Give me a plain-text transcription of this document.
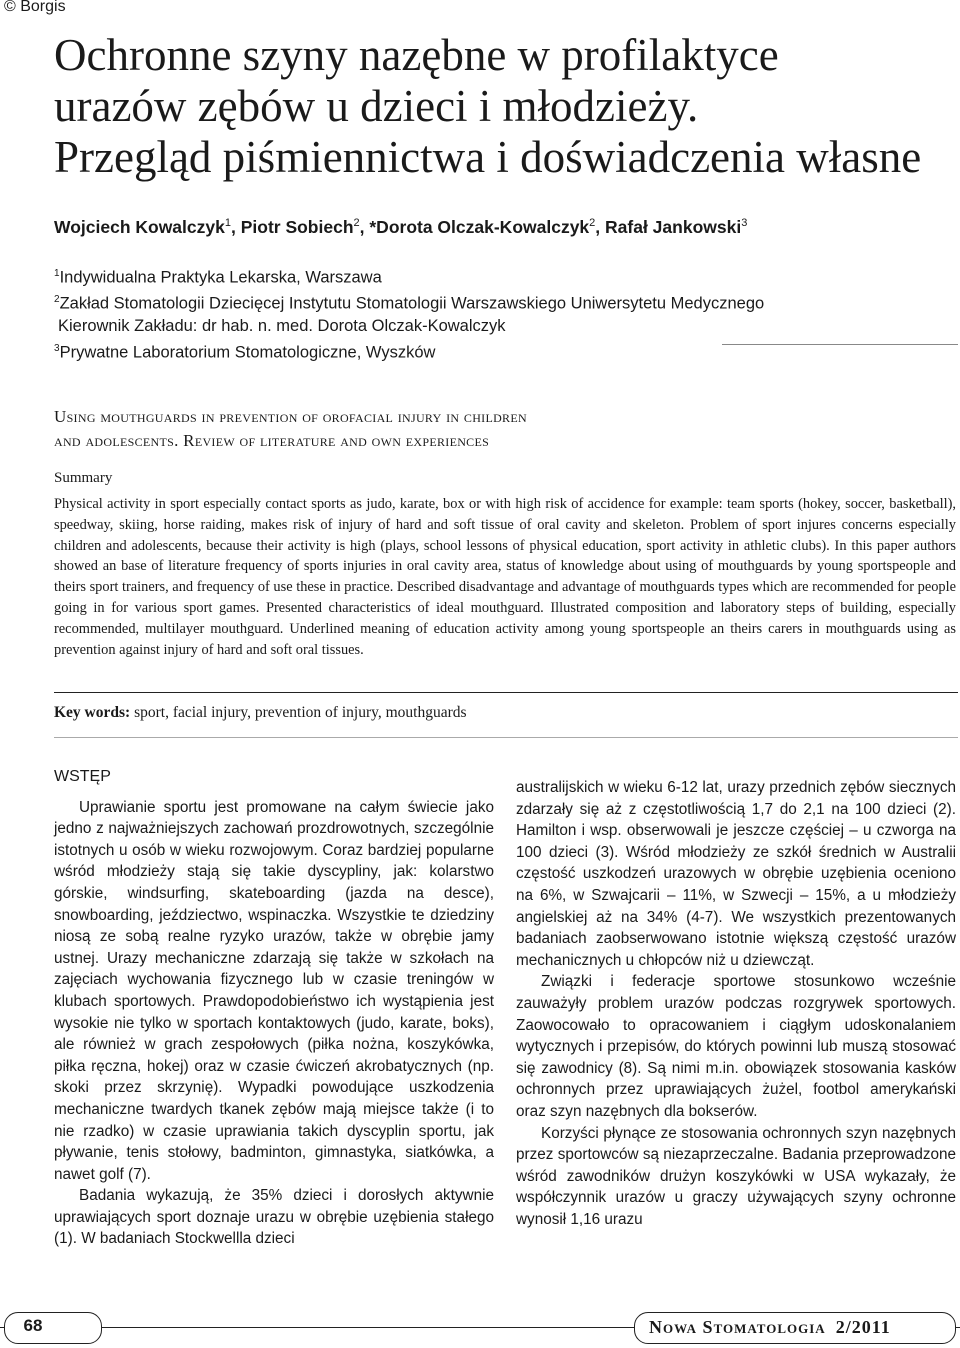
© Borgis
Ochronne szyny nazębne w profilaktyce
urazów zębów u dzieci i młodzieży.
Przegląd piśmiennictwa i doświadczenia własne
Wojciech Kowalczyk$^1$, Piotr Sobiech$^2$, *Dorota Olczak-Kowalczyk$^2$, Rafał Jankowski$^3$
$^1$Indywidualna Praktyka Lekarska, Warszawa
$^2$Zakład Stomatologii Dziecięcej Instytutu Stomatologii Warszawskiego Uniwersytetu Medycznego
Kierownik Zakładu: dr hab. n. med. Dorota Olczak-Kowalczyk
$^3$Prywatne Laboratorium Stomatologiczne, Wyszków
Using mouthguards in prevention of orofacial injury in children
and adolescents. Review of literature and own experiences
Summary

Physical activity in sport especially contact sports as judo, karate, box or with high risk of accidence for example: team sports (hokey, soccer, basketball), speedway, skiing, horse raiding, makes risk of injury of hard and soft tissue of oral cavity and skeleton. Problem of sport injures concerns especially children and adolescents, because their activity is high (plays, school lessons of physical education, sport activity in athletic clubs). In this paper authors showed an base of literature frequency of sports injuries in oral cavity area, status of knowledge about using of mouthguards by young sportspeople and theirs sport trainers, and frequency of use these in practice. Described disadvantage and advantage of mouthguards types which are recommended for people going in for various sport games. Presented characteristics of ideal mouthguard. Illustrated composition and laboratory steps of building, especially recommended, multilayer mouthguard. Underlined meaning of education activity among young sportspeople an theirs carers in mouthguards using as prevention against injury of hard and soft oral tissues.

Key words: sport, facial injury, prevention of injury, mouthguards
WSTĘP

Uprawianie sportu jest promowane na całym świecie jako jedno z najważniejszych zachowań prozdrowotnych, szczególnie istotnych u osób w wieku rozwojowym. Coraz bardziej popularne wśród młodzieży stają się takie dyscypliny, jak: kolarstwo górskie, windsurfing, skateboarding (jazda na desce), snowboarding, jeździectwo, wspinaczka. Wszystkie te dziedziny niosą ze sobą realne ryzyko urazów, także w obrębie jamy ustnej. Urazy mechaniczne zdarzają się także w szkołach na zajęciach wychowania fizycznego lub w czasie treningów w klubach sportowych. Prawdopodobieństwo ich wystąpienia jest wysokie nie tylko w sportach kontaktowych (judo, karate, boks), ale również w grach zespołowych (piłka nożna, koszykówka, piłka ręczna, hokej) oraz w czasie ćwiczeń akrobatycznych (np. skoki przez skrzynię). Wypadki powodujące uszkodzenia mechaniczne twardych tkanek zębów mają miejsce także (i to nie rzadko) w czasie uprawiania takich dyscyplin sportu, jak pływanie, tenis stołowy, badminton, gimnastyka, siatkówka, a nawet golf (7).

Badania wykazują, że 35% dzieci i dorosłych aktywnie uprawiających sport doznaje urazu w obrębie uzębienia stałego (1). W badaniach Stockwellla dzieci

australijskich w wieku 6-12 lat, urazy przednich zębów siecznych zdarzały się aż z częstotliwością 1,7 do 2,1 na 100 dzieci (2). Hamilton i wsp. obserwowali je jeszcze częściej – u czworga na 100 dzieci (3). Wśród młodzieży ze szkół średnich w Australii częstość uszkodzeń urazowych w obrębie uzębienia oceniono na 6%, w Szwajcarii – 11%, w Szwecji – 15%, a u młodzieży angielskiej aż na 34% (4-7). We wszystkich prezentowanych badaniach zaobserwowano istotnie większą częstość urazów mechanicznych u chłopców niż u dziewcząt.

Związki i federacje sportowe stosunkowo wcześnie zauważyły problem urazów podczas rozgrywek sportowych. Zaowocowało to opracowaniem i ciągłym udoskonalaniem wytycznych i przepisów, do których powinni lub muszą stosować się zawodnicy (8). Są nimi m.in. obowiązek stosowania kasków ochronnych przez uprawiających żużel, footbol amerykański oraz szyn nazębnych dla bokserów.

Korzyści płynące ze stosowania ochronnych szyn nazębnych przez sportowców są niezaprzeczalne. Badania przeprowadzone wśród zawodników drużyn koszykówki w USA wykazały, że współczynnik urazów u graczy używających szyny ochronne wynosił 1,16 urazu

68	Nowa Stomatologia 2/2011
